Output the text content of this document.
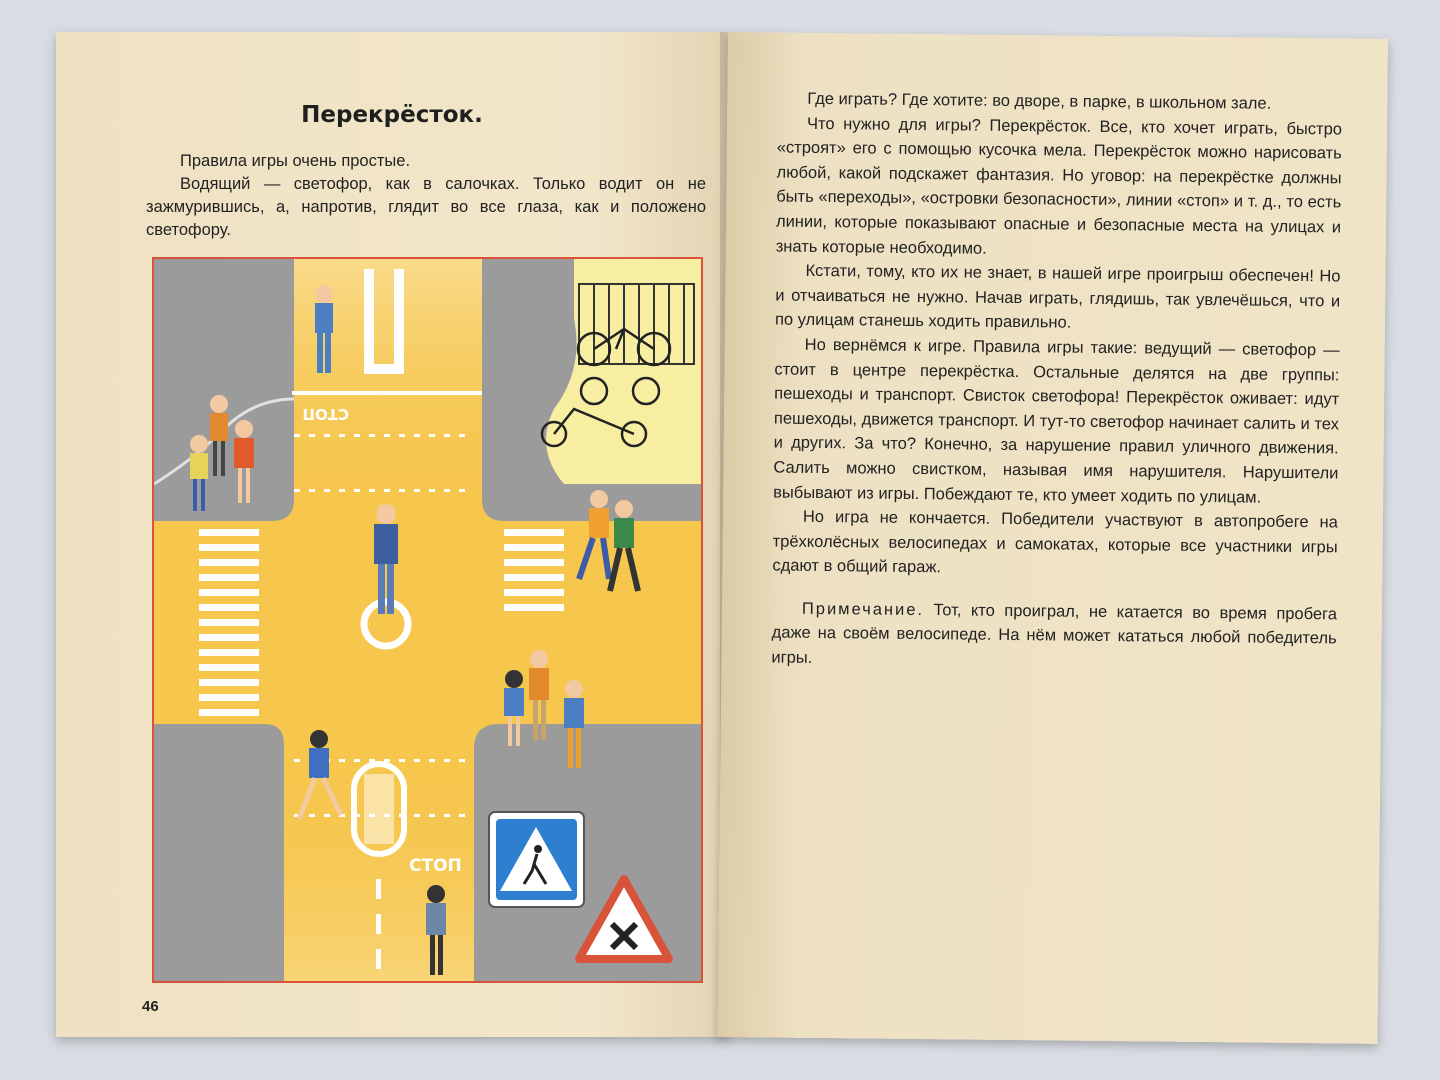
Перекрёсток.

Правила игры очень простые.

Водящий — светофор, как в салочках. Только водит он не зажмурившись, а, напротив, глядит во все глаза, как и положено светофору.

СТОП
СТОП
46

Где играть? Где хотите: во дворе, в парке, в школьном зале.

Что нужно для игры? Перекрёсток. Все, кто хочет играть, быстро «строят» его с помощью кусочка мела. Перекрёсток можно нарисовать любой, какой подскажет фантазия. Но уговор: на перекрёстке должны быть «переходы», «островки безопасности», линии «стоп» и т. д., то есть линии, которые показывают опасные и безопасные места на улицах и знать которые необходимо.

Кстати, тому, кто их не знает, в нашей игре проигрыш обеспечен! Но и отчаиваться не нужно. Начав играть, глядишь, так увлечёшься, что и по улицам станешь ходить правильно.

Но вернёмся к игре. Правила игры такие: ведущий — светофор — стоит в центре перекрёстка. Остальные делятся на две группы: пешеходы и транспорт. Свисток светофора! Перекрёсток оживает: идут пешеходы, движется транспорт. И тут-то светофор начинает салить и тех и других. За что? Конечно, за нарушение правил уличного движения. Салить можно свистком, называя имя нарушителя. Нарушители выбывают из игры. Побеждают те, кто умеет ходить по улицам.

Но игра не кончается. Победители участвуют в автопробеге на трёхколёсных велосипедах и самокатах, которые все участники игры сдают в общий гараж.

Примечание. Тот, кто проиграл, не катается во время пробега даже на своём велосипеде. На нём может кататься любой победитель игры.
